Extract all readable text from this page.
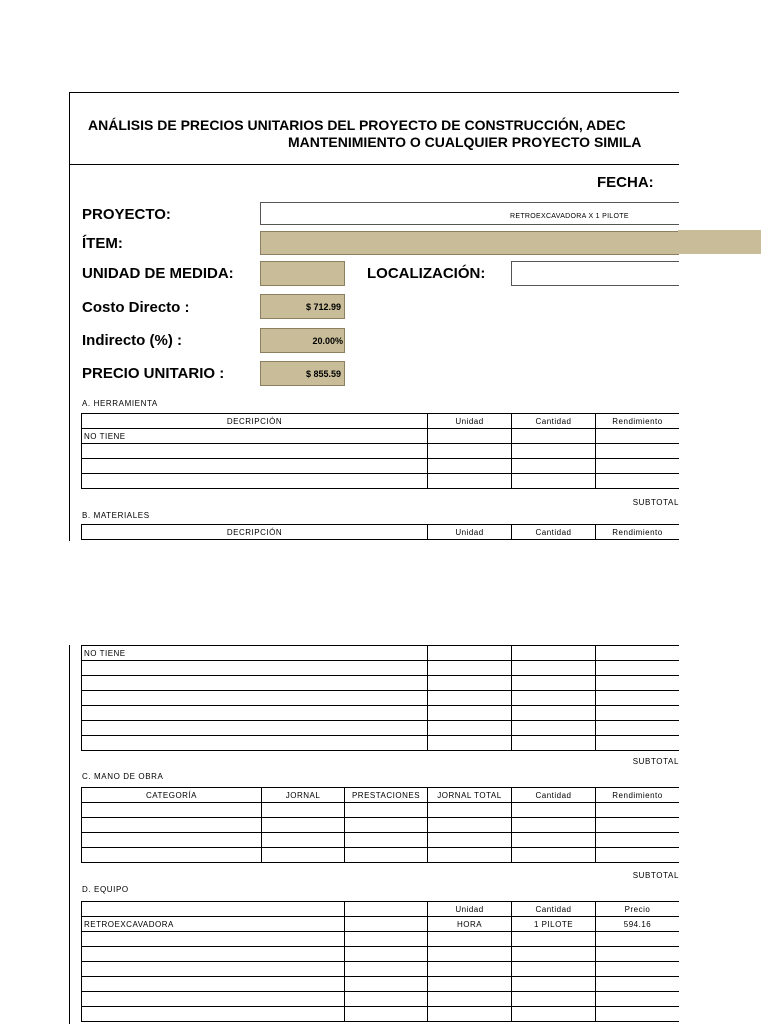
ANÁLISIS DE PRECIOS UNITARIOS DEL PROYECTO DE CONSTRUCCIÓN, ADEC
MANTENIMIENTO O CUALQUIER PROYECTO SIMILA
FECHA:
PROYECTO:	RETROEXCAVADORA X 1 PILOTE
ÍTEM:
UNIDAD DE MEDIDA:	LOCALIZACIÓN:
Costo Directo :	$ 712.99
Indirecto (%) :	20.00%
PRECIO UNITARIO :	$ 855.59
A. HERRAMIENTA
DECRIPCIÓN	Unidad	Cantidad	Rendimiento
NO TIENE			

SUBTOTAL
B. MATERIALES
DECRIPCIÓN	Unidad	Cantidad	Rendimiento
NO TIENE			

SUBTOTAL
C. MANO DE OBRA
CATEGORÍA	JORNAL	PRESTACIONES	JORNAL TOTAL	Cantidad	Rendimiento

SUBTOTAL
D. EQUIPO
		Unidad	Cantidad	Precio
RETROEXCAVADORA		HORA	1 PILOTE	594.16
